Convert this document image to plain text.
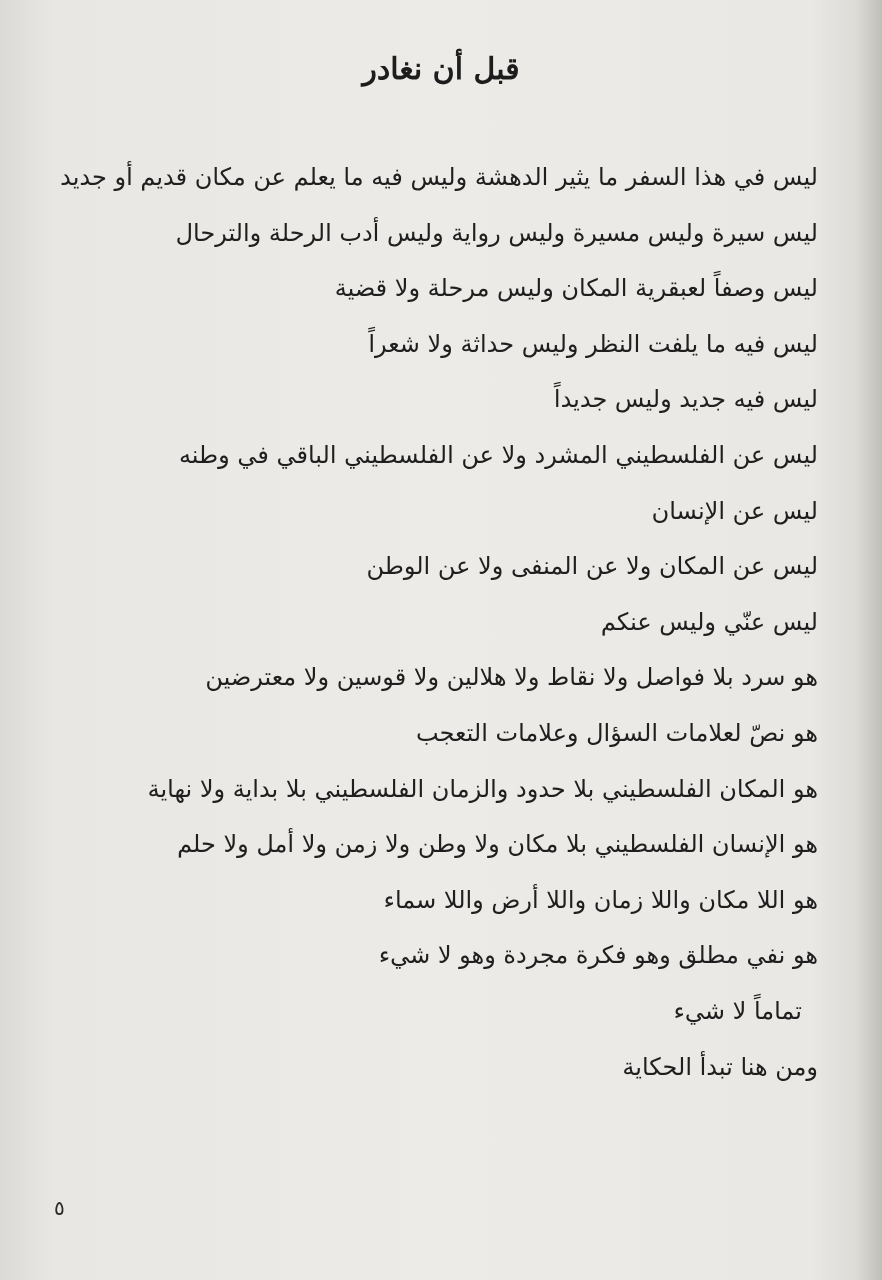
قبل أن نغادر
ليس في هذا السفر ما يثير الدهشة وليس فيه ما يعلم عن مكان قديم أو جديد
ليس سيرة وليس مسيرة وليس رواية وليس أدب الرحلة والترحال
ليس وصفاً لعبقرية المكان وليس مرحلة ولا قضية
ليس فيه ما يلفت النظر وليس حداثة ولا شعراً
ليس فيه جديد وليس جديداً
ليس عن الفلسطيني المشرد ولا عن الفلسطيني الباقي في وطنه
ليس عن الإنسان
ليس عن المكان ولا عن المنفى ولا عن الوطن
ليس عنّي وليس عنكم
هو سرد بلا فواصل ولا نقاط ولا هلالين ولا قوسين ولا معترضين
هو نصّ لعلامات السؤال وعلامات التعجب
هو المكان الفلسطيني بلا حدود والزمان الفلسطيني بلا بداية ولا نهاية
هو الإنسان الفلسطيني بلا مكان ولا وطن ولا زمن ولا أمل ولا حلم
هو اللا مكان واللا زمان واللا أرض واللا سماء
هو نفي مطلق وهو فكرة مجردة وهو لا شيء
تماماً لا شيء
ومن هنا تبدأ الحكاية
٥
